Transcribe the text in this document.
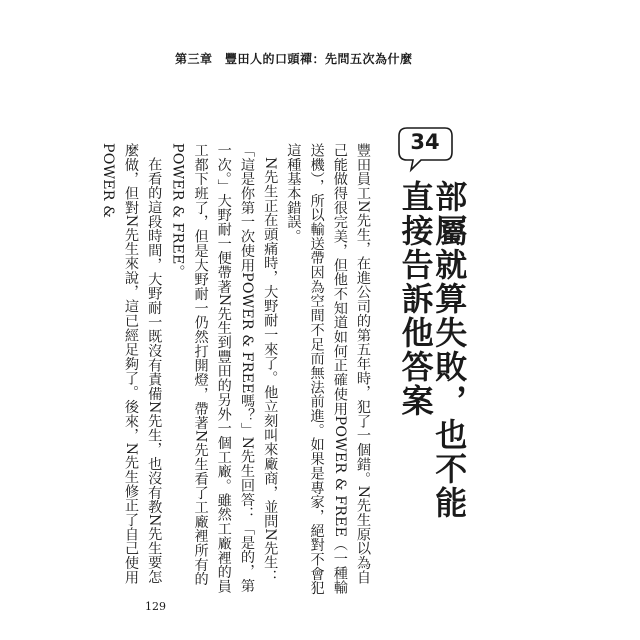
第三章　豐田人的口頭禪：先問五次為什麼
34
部屬就算失敗，也不能直接告訴他答案

豐田員工N先生，在進公司的第五年時，犯了一個錯。N先生原以為自己能做得很完美，但他不知道如何正確使用POWER & FREE（一種輸送機），所以輸送帶因為空間不足而無法前進。如果是專家，絕對不會犯這種基本錯誤。

N先生正在頭痛時，大野耐一來了。他立刻叫來廠商，並問N先生：「這是你第一次使用POWER & FREE嗎？」N先生回答：「是的，第一次。」大野耐一便帶著N先生到豐田的另外一個工廠。雖然工廠裡的員工都下班了，但是大野耐一仍然打開燈，帶著N先生看了工廠裡所有的POWER & FREE。

在看的這段時間，大野耐一既沒有責備N先生，也沒有教N先生要怎麼做，但對N先生來說，這已經足夠了。後來，N先生修正了自己使用POWER &

129
